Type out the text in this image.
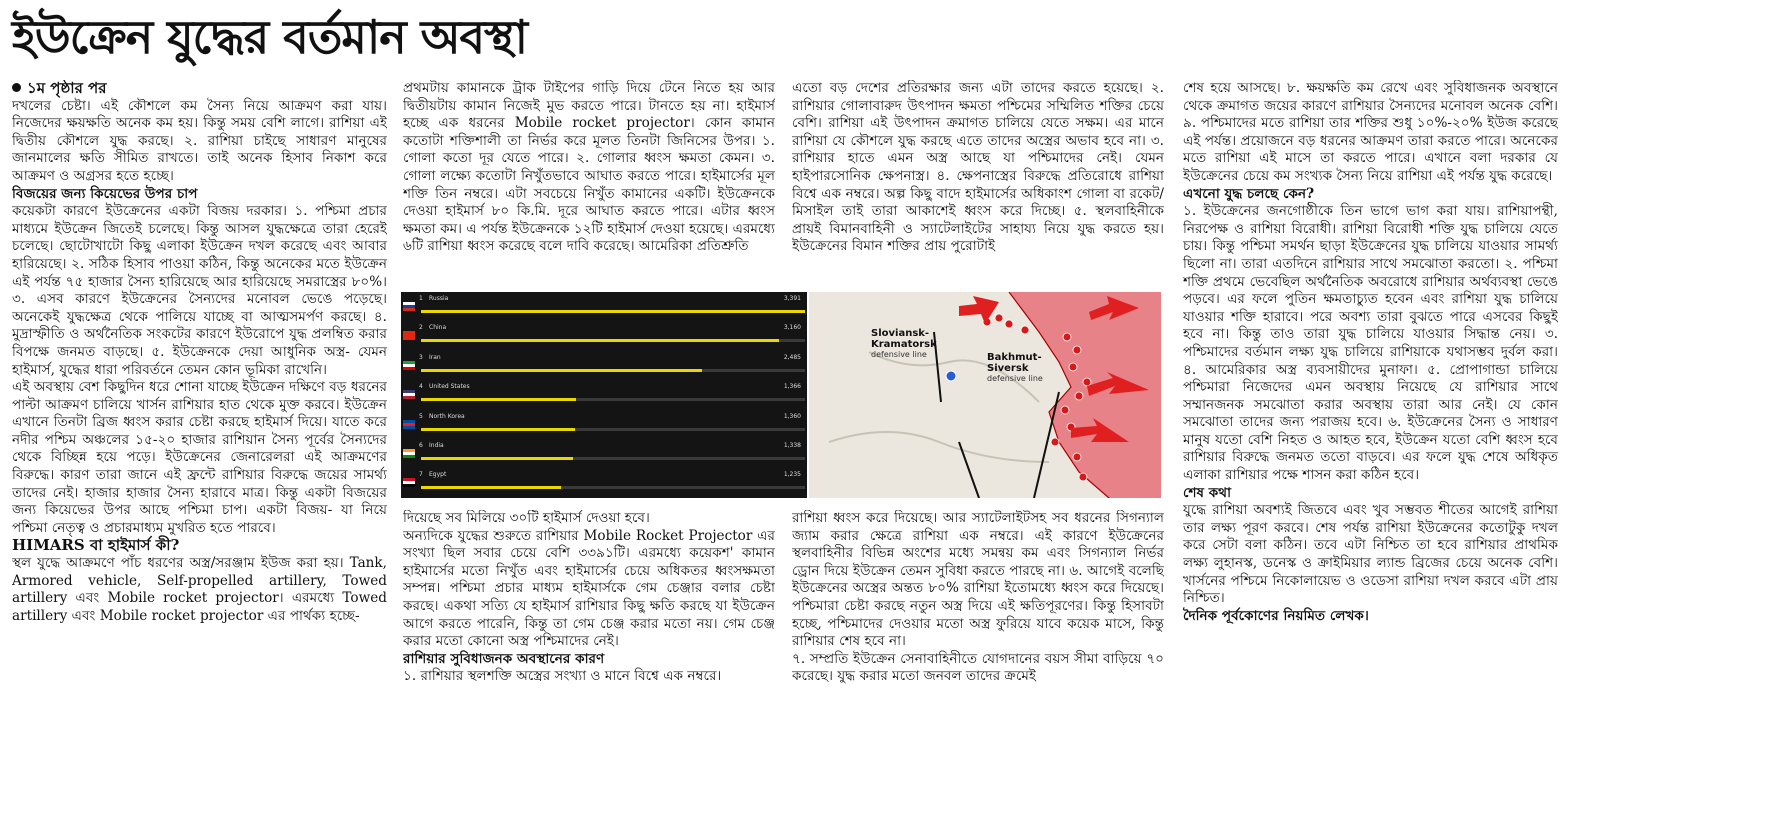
ইউক্রেন যুদ্ধের বর্তমান অবস্থা

১ম পৃষ্ঠার পর

দখলের চেষ্টা। এই কৌশলে কম সৈন্য নিয়ে আক্রমণ করা যায়। নিজেদের ক্ষয়ক্ষতি অনেক কম হয়। কিন্তু সময় বেশি লাগে। রাশিয়া এই দ্বিতীয় কৌশলে যুদ্ধ করছে। ২. রাশিয়া চাইছে সাধারণ মানুষের জানমালের ক্ষতি সীমিত রাখতে। তাই অনেক হিসাব নিকাশ করে আক্রমণ ও অগ্রসর হতে হচ্ছে।

বিজয়ের জন্য কিয়েভের উপর চাপ

কয়েকটা কারণে ইউক্রেনের একটা বিজয় দরকার। ১. পশ্চিমা প্রচার মাধ্যমে ইউক্রেন জিতেই চলেছে। কিন্তু আসল যুদ্ধক্ষেত্রে তারা হেরেই চলেছে। ছোটোখাটো কিছু এলাকা ইউক্রেন দখল করেছে এবং আবার হারিয়েছে। ২. সঠিক হিসাব পাওয়া কঠিন, কিন্তু অনেকের মতে ইউক্রেন এই পর্যন্ত ৭৫ হাজার সৈন্য হারিয়েছে আর হারিয়েছে সমরাস্ত্রের ৮০%। ৩. এসব কারণে ইউক্রেনের সৈন্যদের মনোবল ভেঙে পড়েছে। অনেকেই যুদ্ধক্ষেত্র থেকে পালিয়ে যাচ্ছে বা আত্মসমর্পণ করছে। ৪. মুদ্রাস্ফীতি ও অর্থনৈতিক সংকটের কারণে ইউরোপে যুদ্ধ প্রলম্বিত করার বিপক্ষে জনমত বাড়ছে। ৫. ইউক্রেনকে দেয়া আধুনিক অস্ত্র- যেমন হাইমার্স, যুদ্ধের ধারা পরিবর্তনে তেমন কোন ভূমিকা রাখেনি।

এই অবস্থায় বেশ কিছুদিন ধরে শোনা যাচ্ছে ইউক্রেন দক্ষিণে বড় ধরনের পাল্টা আক্রমণ চালিয়ে খার্সন রাশিয়ার হাত থেকে মুক্ত করবে। ইউক্রেন এখানে তিনটা ব্রিজ ধ্বংস করার চেষ্টা করছে হাইমার্স দিয়ে। যাতে করে নদীর পশ্চিম অঞ্চলের ১৫-২০ হাজার রাশিয়ান সৈন্য পূর্বের সৈন্যদের থেকে বিচ্ছিন্ন হয়ে পড়ে। ইউক্রেনের জেনারেলরা এই আক্রমণের বিরুদ্ধে। কারণ তারা জানে এই ফ্রন্টে রাশিয়ার বিরুদ্ধে জয়ের সামর্থ্য তাদের নেই। হাজার হাজার সৈন্য হারাবে মাত্র। কিন্তু একটা বিজয়ের জন্য কিয়েভের উপর আছে পশ্চিমা চাপ। একটা বিজয়- যা নিয়ে পশ্চিমা নেতৃত্ব ও প্রচারমাধ্যম মুখরিত হতে পারবে।

HIMARS বা হাইমার্স কী?

স্থল যুদ্ধে আক্রমণে পাঁচ ধরণের অস্ত্র/সরঞ্জাম ইউজ করা হয়। Tank, Armored vehicle, Self-propelled artillery, Towed artillery এবং Mobile rocket projector। এরমধ্যে Towed artillery এবং Mobile rocket projector এর পার্থক্য হচ্ছে-

প্রথমটায় কামানকে ট্রাক টাইপের গাড়ি দিয়ে টেনে নিতে হয় আর দ্বিতীয়টায় কামান নিজেই মুভ করতে পারে। টানতে হয় না। হাইমার্স হচ্ছে এক ধরনের Mobile rocket projector। কোন কামান কতোটা শক্তিশালী তা নির্ভর করে মূলত তিনটা জিনিসের উপর। ১. গোলা কতো দূর যেতে পারে। ২. গোলার ধ্বংস ক্ষমতা কেমন। ৩. গোলা লক্ষ্যে কতোটা নিখুঁতভাবে আঘাত করতে পারে। হাইমার্সের মূল শক্তি তিন নম্বরে। এটা সবচেয়ে নিখুঁত কামানের একটি। ইউক্রেনকে দেওয়া হাইমার্স ৮০ কি.মি. দূরে আঘাত করতে পারে। এটার ধ্বংস ক্ষমতা কম। এ পর্যন্ত ইউক্রেনকে ১২টি হাইমার্স দেওয়া হয়েছে। এরমধ্যে ৬টি রাশিয়া ধ্বংস করেছে বলে দাবি করেছে। আমেরিকা প্রতিশ্রুতি

দিয়েছে সব মিলিয়ে ৩০টি হাইমার্স দেওয়া হবে।

অন্যদিকে যুদ্ধের শুরুতে রাশিয়ার Mobile Rocket Projector এর সংখ্যা ছিল সবার চেয়ে বেশি ৩৩৯১টি। এরমধ্যে কয়েকশ' কামান হাইমার্সের মতো নিখুঁত এবং হাইমার্সের চেয়ে অধিকতর ধ্বংসক্ষমতা সম্পন্ন। পশ্চিমা প্রচার মাধ্যম হাইমার্সকে গেম চেঞ্জার বলার চেষ্টা করছে। একথা সত্যি যে হাইমার্স রাশিয়ার কিছু ক্ষতি করছে যা ইউক্রেন আগে করতে পারেনি, কিন্তু তা গেম চেঞ্জ করার মতো নয়। গেম চেঞ্জ করার মতো কোনো অস্ত্র পশ্চিমাদের নেই।

রাশিয়ার সুবিধাজনক অবস্থানের কারণ

১. রাশিয়ার স্থলশক্তি অস্ত্রের সংখ্যা ও মানে বিশ্বে এক নম্বরে।

এতো বড় দেশের প্রতিরক্ষার জন্য এটা তাদের করতে হয়েছে। ২. রাশিয়ার গোলাবারুদ উৎপাদন ক্ষমতা পশ্চিমের সম্মিলিত শক্তির চেয়ে বেশি। রাশিয়া এই উৎপাদন ক্রমাগত চালিয়ে যেতে সক্ষম। এর মানে রাশিয়া যে কৌশলে যুদ্ধ করছে এতে তাদের অস্ত্রের অভাব হবে না। ৩. রাশিয়ার হাতে এমন অস্ত্র আছে যা পশ্চিমাদের নেই। যেমন হাইপারসোনিক ক্ষেপনাস্ত্র। ৪. ক্ষেপনাস্ত্রের বিরুদ্ধে প্রতিরোধে রাশিয়া বিশ্বে এক নম্বরে। অল্প কিছু বাদে হাইমার্সের অধিকাংশ গোলা বা রকেট/মিসাইল তাই তারা আকাশেই ধ্বংস করে দিচ্ছে। ৫. স্থলবাহিনীকে প্রায়ই বিমানবাহিনী ও স্যাটেলাইটের সাহায্য নিয়ে যুদ্ধ করতে হয়। ইউক্রেনের বিমান শক্তির প্রায় পুরোটাই

রাশিয়া ধ্বংস করে দিয়েছে। আর স্যাটেলাইটসহ সব ধরনের সিগন্যাল জ্যাম করার ক্ষেত্রে রাশিয়া এক নম্বরে। এই কারণে ইউক্রেনের স্থলবাহিনীর বিভিন্ন অংশের মধ্যে সমন্বয় কম এবং সিগন্যাল নির্ভর ড্রোন দিয়ে ইউক্রেন তেমন সুবিধা করতে পারছে না। ৬. আগেই বলেছি ইউক্রেনের অস্ত্রের অন্তত ৮০% রাশিয়া ইতোমধ্যে ধ্বংস করে দিয়েছে। পশ্চিমারা চেষ্টা করছে নতুন অস্ত্র দিয়ে এই ক্ষতিপূরণের। কিন্তু হিসাবটা হচ্ছে, পশ্চিমাদের দেওয়ার মতো অস্ত্র ফুরিয়ে যাবে কয়েক মাসে, কিন্তু রাশিয়ার শেষ হবে না।

৭. সম্প্রতি ইউক্রেন সেনাবাহিনীতে যোগদানের বয়স সীমা বাড়িয়ে ৭০ করেছে। যুদ্ধ করার মতো জনবল তাদের ক্রমেই

শেষ হয়ে আসছে। ৮. ক্ষয়ক্ষতি কম রেখে এবং সুবিধাজনক অবস্থানে থেকে ক্রমাগত জয়ের কারণে রাশিয়ার সৈন্যদের মনোবল অনেক বেশি। ৯. পশ্চিমাদের মতে রাশিয়া তার শক্তির শুধু ১০%-২০% ইউজ করেছে এই পর্যন্ত। প্রয়োজনে বড় ধরনের আক্রমণ তারা করতে পারে। অনেকের মতে রাশিয়া এই মাসে তা করতে পারে। এখানে বলা দরকার যে ইউক্রেনের চেয়ে কম সংখ্যক সৈন্য নিয়ে রাশিয়া এই পর্যন্ত যুদ্ধ করেছে।

এখনো যুদ্ধ চলছে কেন?

১. ইউক্রেনের জনগোষ্ঠীকে তিন ভাগে ভাগ করা যায়। রাশিয়াপন্থী, নিরপেক্ষ ও রাশিয়া বিরোধী। রাশিয়া বিরোধী শক্তি যুদ্ধ চালিয়ে যেতে চায়। কিন্তু পশ্চিমা সমর্থন ছাড়া ইউক্রেনের যুদ্ধ চালিয়ে যাওয়ার সামর্থ্য ছিলো না। তারা এতদিনে রাশিয়ার সাথে সমঝোতা করতো। ২. পশ্চিমা শক্তি প্রথমে ভেবেছিল অর্থনৈতিক অবরোধে রাশিয়ার অর্থব্যবস্থা ভেঙে পড়বে। এর ফলে পুতিন ক্ষমতাচ্যুত হবেন এবং রাশিয়া যুদ্ধ চালিয়ে যাওয়ার শক্তি হারাবে। পরে অবশ্য তারা বুঝতে পারে এসবের কিছুই হবে না। কিন্তু তাও তারা যুদ্ধ চালিয়ে যাওয়ার সিদ্ধান্ত নেয়। ৩. পশ্চিমাদের বর্তমান লক্ষ্য যুদ্ধ চালিয়ে রাশিয়াকে যথাসম্ভব দুর্বল করা। ৪. আমেরিকার অস্ত্র ব্যবসায়ীদের মুনাফা। ৫. প্রোপাগান্ডা চালিয়ে পশ্চিমারা নিজেদের এমন অবস্থায় নিয়েছে যে রাশিয়ার সাথে সম্মানজনক সমঝোতা করার অবস্থায় তারা আর নেই। যে কোন সমঝোতা তাদের জন্য পরাজয় হবে। ৬. ইউক্রেনের সৈন্য ও সাধারণ মানুষ যতো বেশি নিহত ও আহত হবে, ইউক্রেন যতো বেশি ধ্বংস হবে রাশিয়ার বিরুদ্ধে জনমত ততো বাড়বে। এর ফলে যুদ্ধ শেষে অধিকৃত এলাকা রাশিয়ার পক্ষে শাসন করা কঠিন হবে।

শেষ কথা

যুদ্ধে রাশিয়া অবশ্যই জিতবে এবং খুব সম্ভবত শীতের আগেই রাশিয়া তার লক্ষ্য পূরণ করবে। শেষ পর্যন্ত রাশিয়া ইউক্রেনের কতোটুকু দখল করে সেটা বলা কঠিন। তবে এটা নিশ্চিত তা হবে রাশিয়ার প্রাথমিক লক্ষ্য লুহানস্ক, ডনেস্ক ও ক্রাইমিয়ার ল্যান্ড ব্রিজের চেয়ে অনেক বেশি। খার্সনের পশ্চিমে নিকোলায়েভ ও ওডেসা রাশিয়া দখল করবে এটা প্রায় নিশ্চিত।

দৈনিক পূর্বকোণের নিয়মিত লেখক।

1 Russia	3,391
2 China	3,160
3 Iran	2,485
4 United States	1,366
5 North Korea	1,360
6 India	1,338
7 Egypt	1,235
Sloviansk-
Kramatorsk
defensive line	Bakhmut-
Siversk
defensive line
